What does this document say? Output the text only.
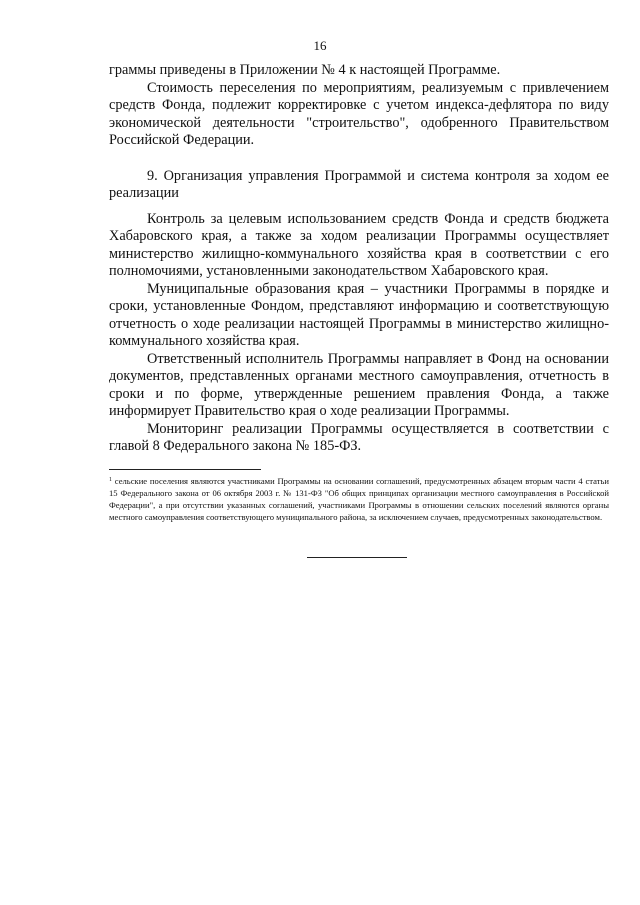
16

граммы приведены в Приложении № 4 к настоящей Программе.

Стоимость переселения по мероприятиям, реализуемым с привлечением средств Фонда, подлежит корректировке с учетом индекса-дефлятора по виду экономической деятельности "строительство", одобренного Правительством Российской Федерации.

9. Организация управления Программой и система контроля за ходом ее реализации

Контроль за целевым использованием средств Фонда и средств бюджета Хабаровского края, а также за ходом реализации Программы осуществляет министерство жилищно-коммунального хозяйства края в соответствии с его полномочиями, установленными законодательством Хабаровского края.

Муниципальные образования края – участники Программы в порядке и сроки, установленные Фондом, представляют информацию и соответствующую отчетность о ходе реализации настоящей Программы в министерство жилищно-коммунального хозяйства края.

Ответственный исполнитель Программы направляет в Фонд на основании документов, представленных органами местного самоуправления, отчетность в сроки и по форме, утвержденные решением правления Фонда, а также информирует Правительство края о ходе реализации Программы.

Мониторинг реализации Программы осуществляется в соответствии с главой 8 Федерального закона № 185-ФЗ.

$^1$ сельские поселения являются участниками Программы на основании соглашений, предусмотренных абзацем вторым части 4 статьи 15 Федерального закона от 06 октября 2003 г. № 131-ФЗ "Об общих принципах организации местного самоуправления в Российской Федерации", а при отсутствии указанных соглашений, участниками Программы в отношении сельских поселений являются органы местного самоуправления соответствующего муниципального района, за исключением случаев, предусмотренных законодательством.
